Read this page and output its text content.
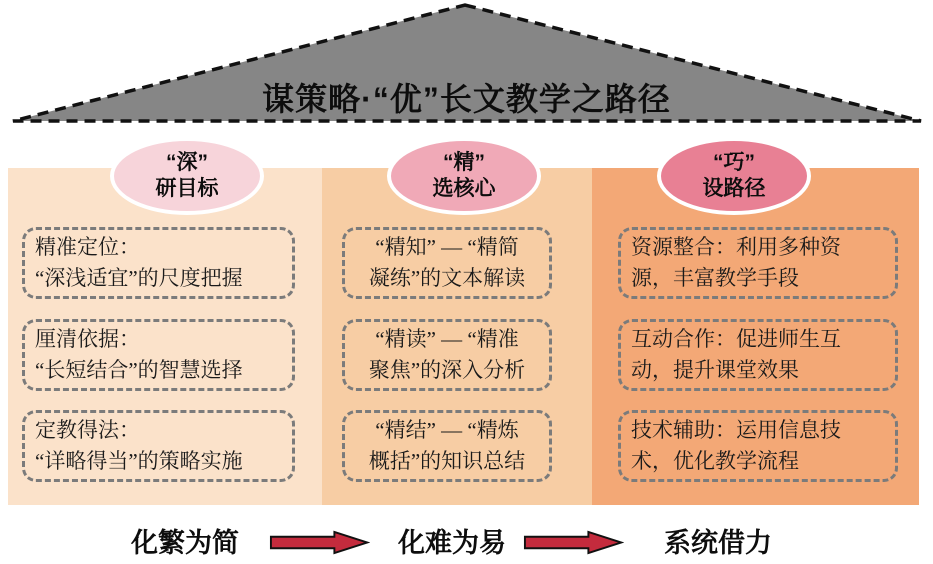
谋策略·“优”长文教学之路径
“深”
研目标
“精”
选核心
“巧”
设路径
精准定位：
“深浅适宜”的尺度把握
厘清依据：
“长短结合”的智慧选择
定教得法：
“详略得当”的策略实施
“精知” — “精简
凝练”的文本解读
“精读” — “精准
聚焦”的深入分析
“精结” — “精炼
概括”的知识总结
资源整合：利用多种资
源，丰富教学手段
互动合作：促进师生互
动，提升课堂效果
技术辅助：运用信息技
术，优化教学流程
化繁为简	化难为易	系统借力
